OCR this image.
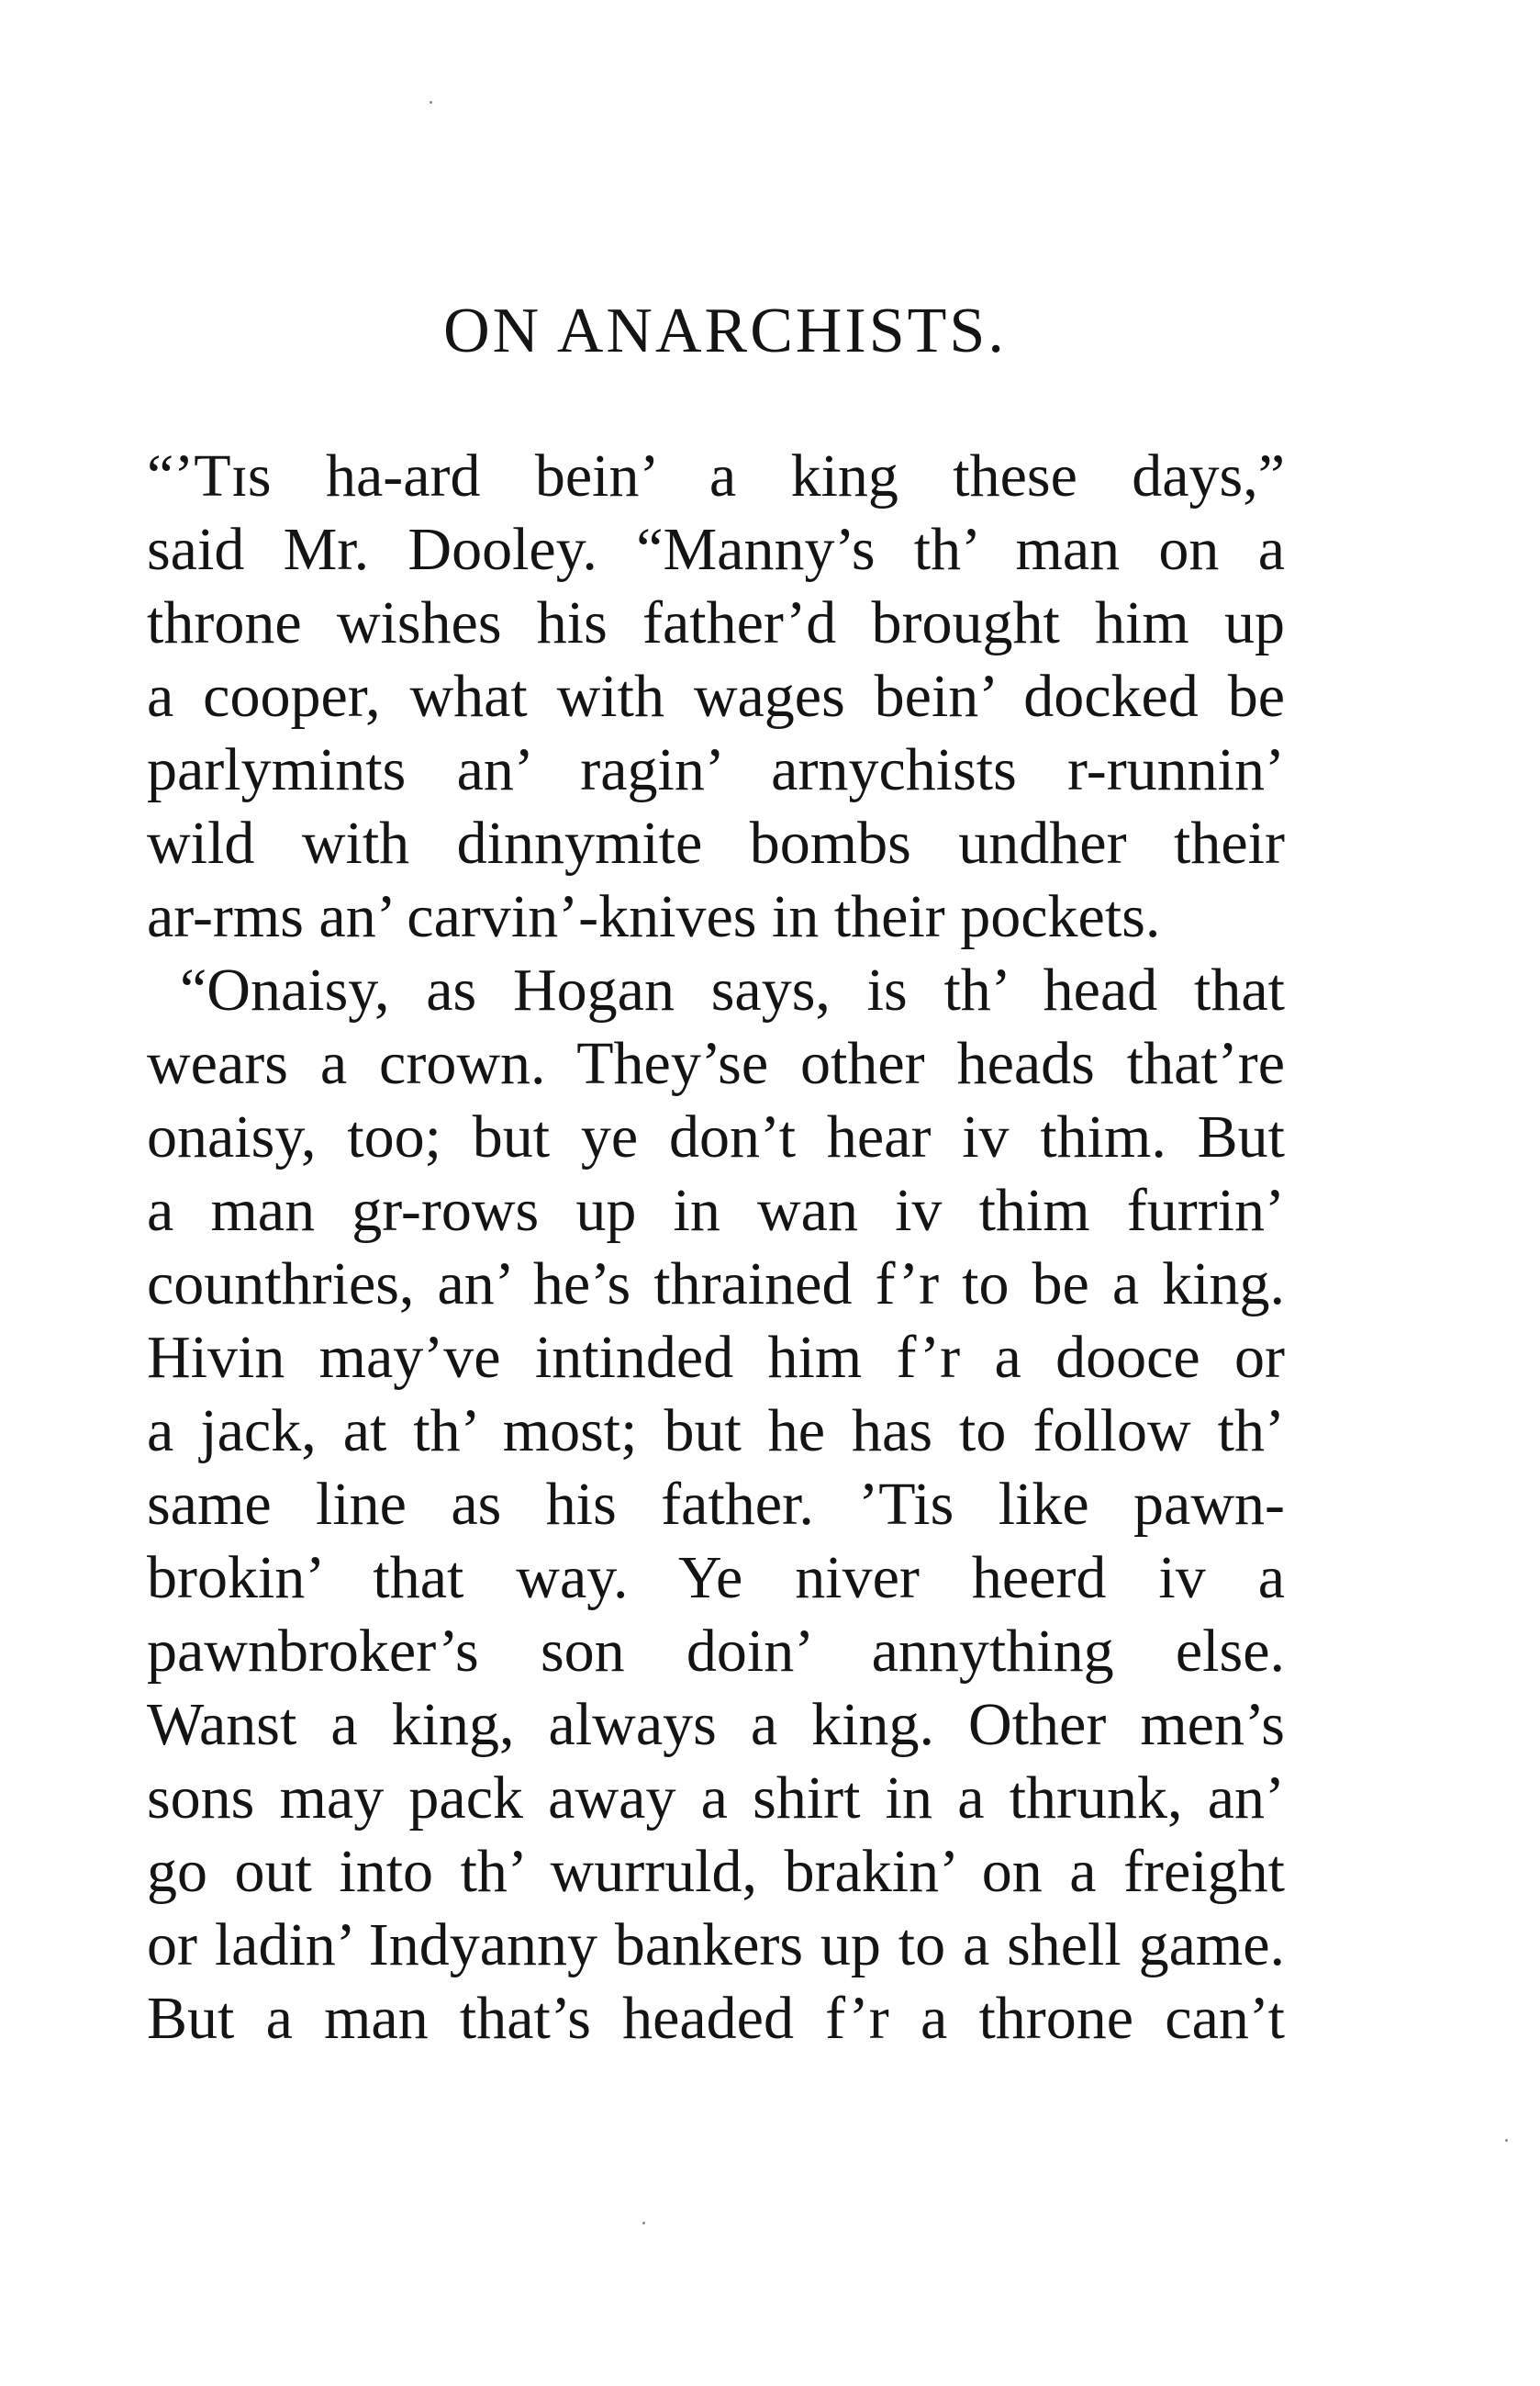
ON ANARCHISTS.
“’Tɪs ha-ard bein’ a king these days,”
said Mr. Dooley. “Manny’s th’ man on a
throne wishes his father’d brought him up
a cooper, what with wages bein’ docked be
parlymints an’ ragin’ arnychists r-runnin’
wild with dinnymite bombs undher their
ar-rms an’ carvin’-knives in their pockets.
“Onaisy, as Hogan says, is th’ head that
wears a crown. They’se other heads that’re
onaisy, too; but ye don’t hear iv thim. But
a man gr-rows up in wan iv thim furrin’
counthries, an’ he’s thrained f’r to be a king.
Hivin may’ve intinded him f’r a dooce or
a jack, at th’ most; but he has to follow th’
same line as his father. ’Tis like pawn-
brokin’ that way. Ye niver heerd iv a
pawnbroker’s son doin’ annything else.
Wanst a king, always a king. Other men’s
sons may pack away a shirt in a thrunk, an’
go out into th’ wurruld, brakin’ on a freight
or ladin’ Indyanny bankers up to a shell game.
But a man that’s headed f’r a throne can’t
